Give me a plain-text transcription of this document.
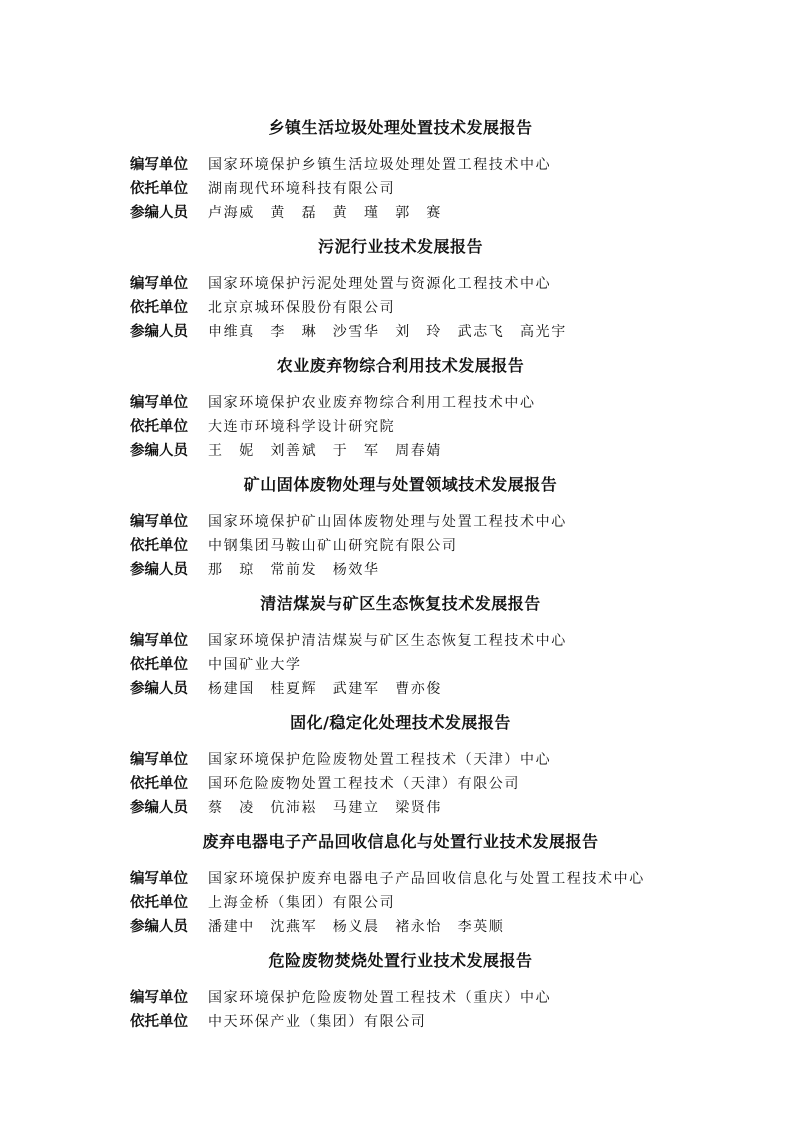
乡镇生活垃圾处理处置技术发展报告
编写单位 国家环境保护乡镇生活垃圾处理处置工程技术中心
依托单位 湖南现代环境科技有限公司
参编人员 卢海威　黄　磊　黄　瑾　郭　赛
污泥行业技术发展报告
编写单位 国家环境保护污泥处理处置与资源化工程技术中心
依托单位 北京京城环保股份有限公司
参编人员 申维真　李　琳　沙雪华　刘　玲　武志飞　高光宇
农业废弃物综合利用技术发展报告
编写单位 国家环境保护农业废弃物综合利用工程技术中心
依托单位 大连市环境科学设计研究院
参编人员 王　妮　刘善斌　于　军　周春婧
矿山固体废物处理与处置领域技术发展报告
编写单位 国家环境保护矿山固体废物处理与处置工程技术中心
依托单位 中钢集团马鞍山矿山研究院有限公司
参编人员 那　琼　常前发　杨效华
清洁煤炭与矿区生态恢复技术发展报告
编写单位 国家环境保护清洁煤炭与矿区生态恢复工程技术中心
依托单位 中国矿业大学
参编人员 杨建国　桂夏辉　武建军　曹亦俊
固化/稳定化处理技术发展报告
编写单位 国家环境保护危险废物处置工程技术（天津）中心
依托单位 国环危险废物处置工程技术（天津）有限公司
参编人员 蔡　凌　伉沛崧　马建立　梁贤伟
废弃电器电子产品回收信息化与处置行业技术发展报告
编写单位 国家环境保护废弃电器电子产品回收信息化与处置工程技术中心
依托单位 上海金桥（集团）有限公司
参编人员 潘建中　沈燕军　杨义晨　褚永怡　李英顺
危险废物焚烧处置行业技术发展报告
编写单位 国家环境保护危险废物处置工程技术（重庆）中心
依托单位 中天环保产业（集团）有限公司
